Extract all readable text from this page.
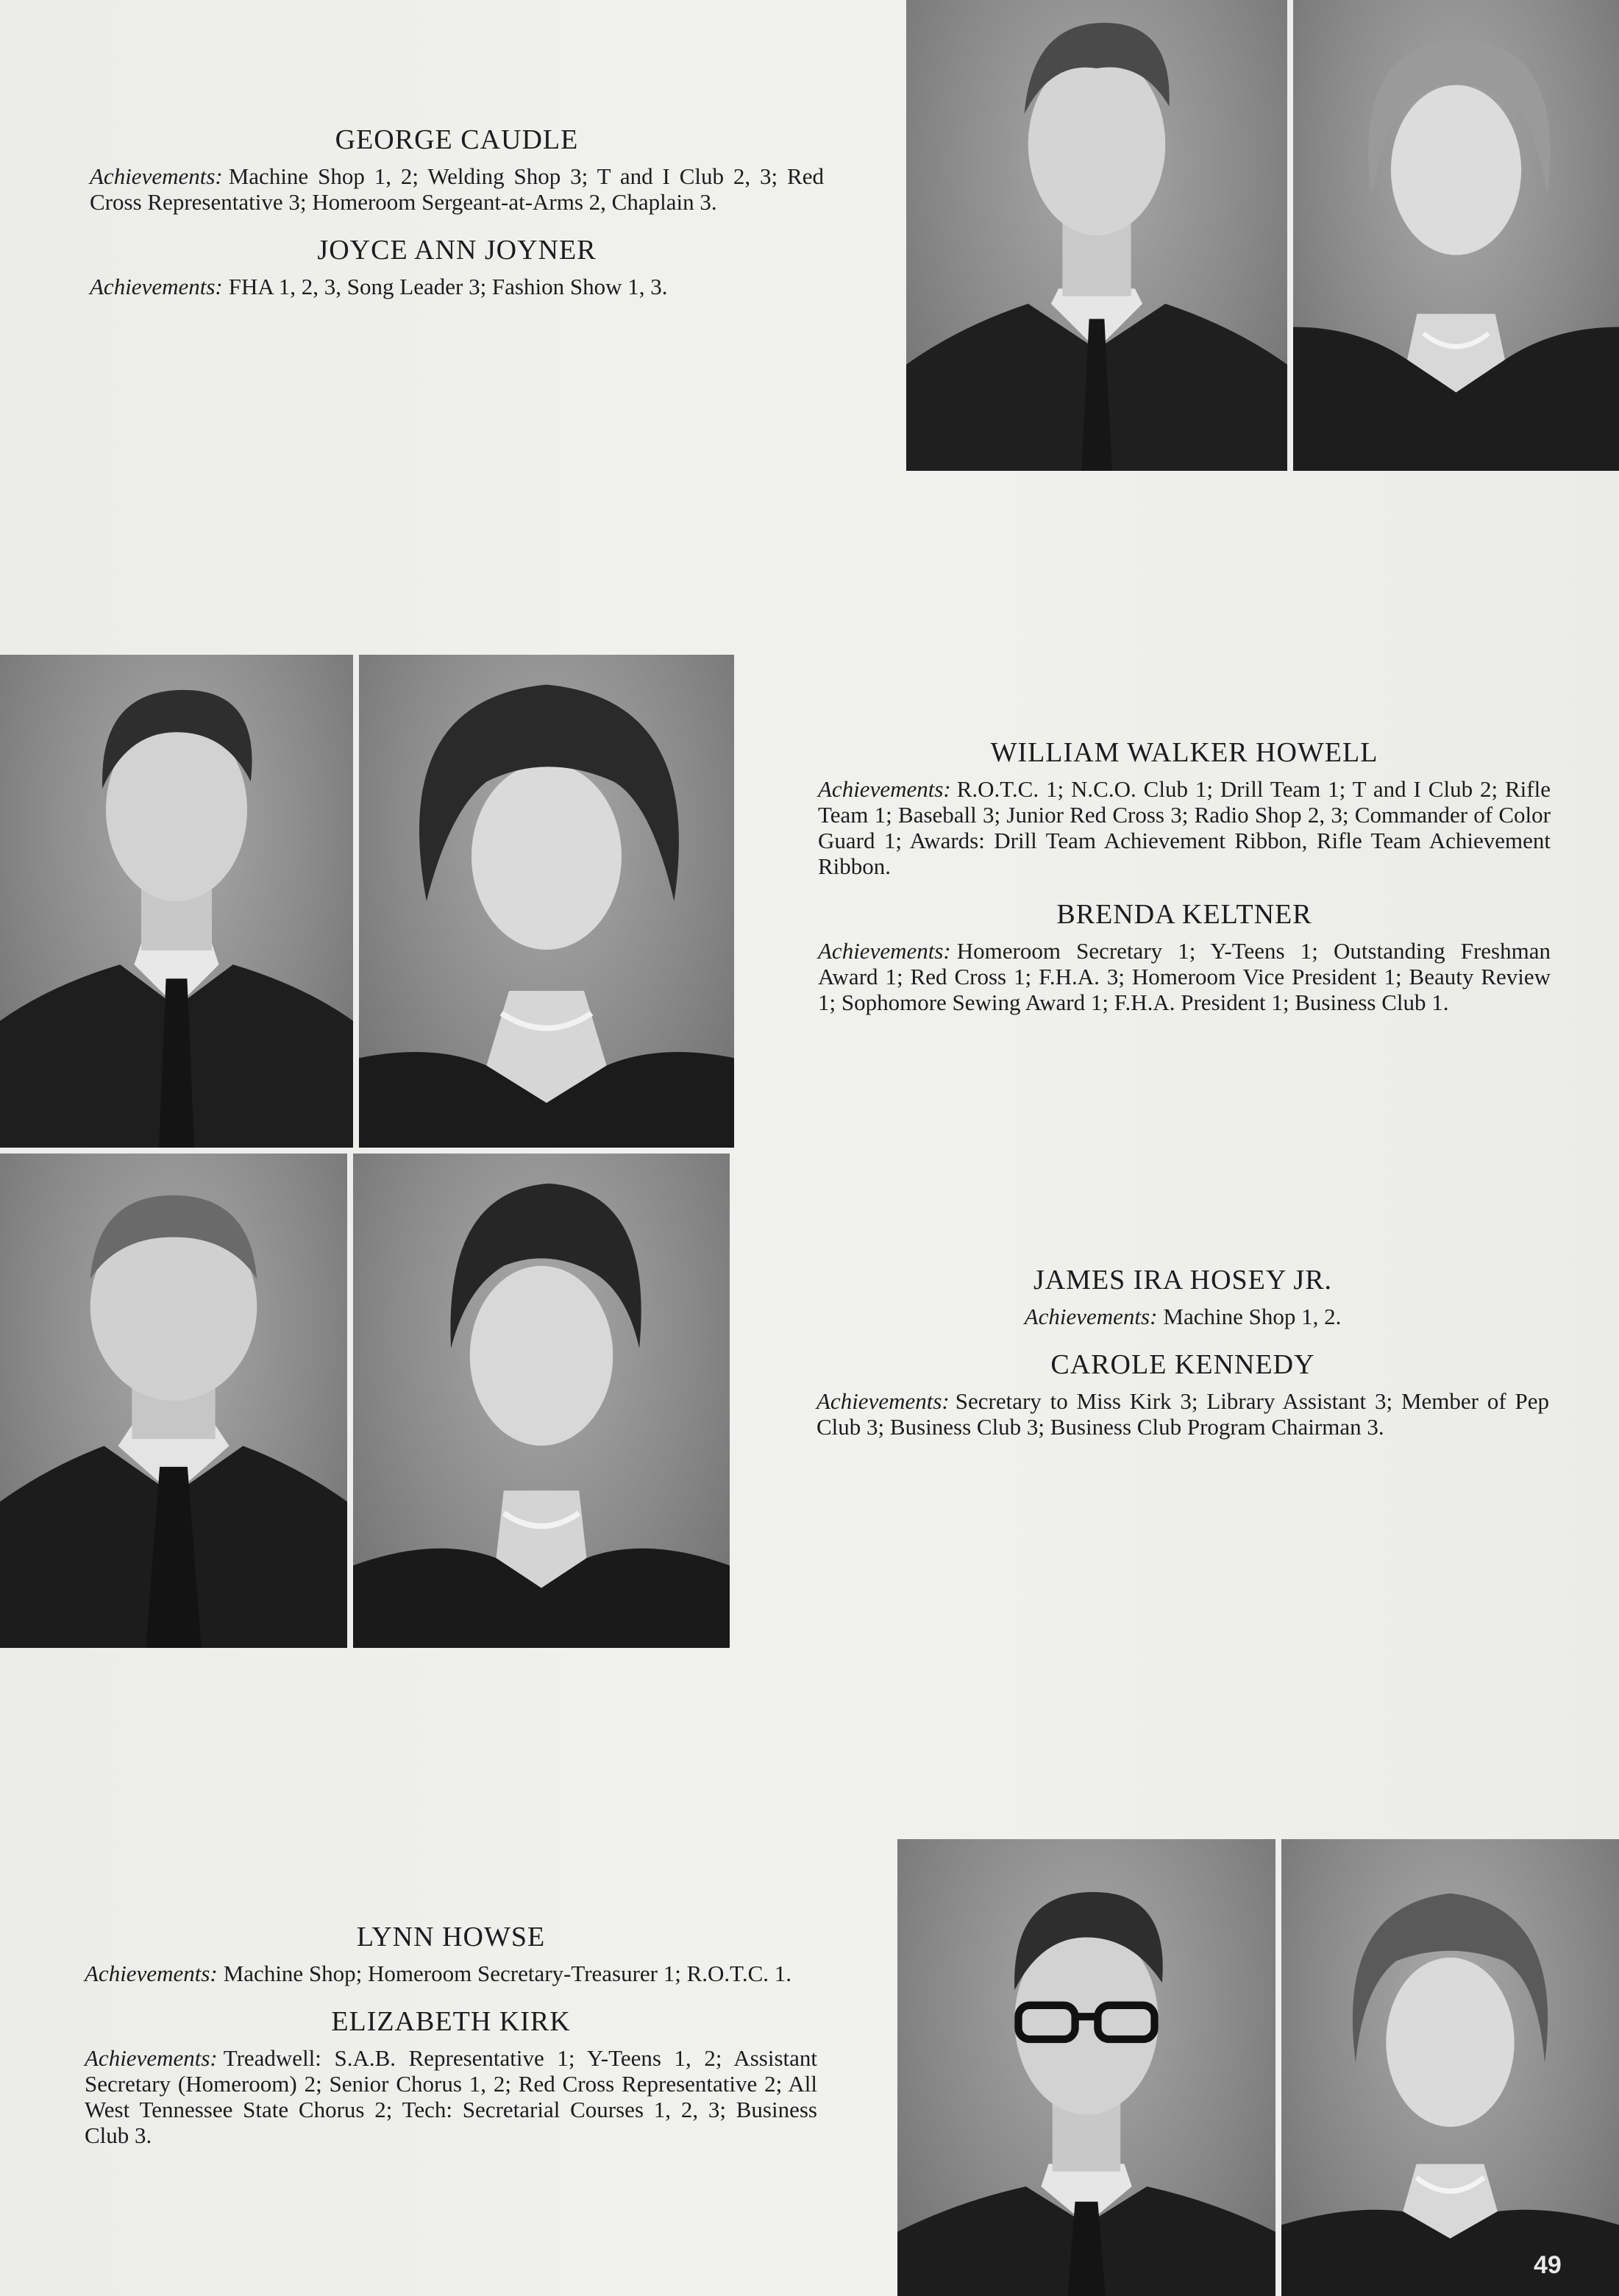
GEORGE CAUDLE
Achievements: Machine Shop 1, 2; Welding Shop 3; T and I Club 2, 3; Red Cross Representative 3; Homeroom Sergeant-at-Arms 2, Chaplain 3.
JOYCE ANN JOYNER
Achievements: FHA 1, 2, 3, Song Leader 3; Fashion Show 1, 3.
WILLIAM WALKER HOWELL
Achievements: R.O.T.C. 1; N.C.O. Club 1; Drill Team 1; T and I Club 2; Rifle Team 1; Baseball 3; Junior Red Cross 3; Radio Shop 2, 3; Commander of Color Guard 1; Awards: Drill Team Achievement Ribbon, Rifle Team Achievement Ribbon.
BRENDA KELTNER
Achievements: Homeroom Secretary 1; Y-Teens 1; Outstanding Freshman Award 1; Red Cross 1; F.H.A. 3; Homeroom Vice President 1; Beauty Review 1; Sophomore Sewing Award 1; F.H.A. President 1; Business Club 1.
JAMES IRA HOSEY JR.
Achievements: Machine Shop 1, 2.
CAROLE KENNEDY
Achievements: Secretary to Miss Kirk 3; Library Assistant 3; Member of Pep Club 3; Business Club 3; Business Club Program Chairman 3.
LYNN HOWSE
Achievements: Machine Shop; Homeroom Secretary-Treasurer 1; R.O.T.C. 1.
ELIZABETH KIRK
Achievements: Treadwell: S.A.B. Representative 1; Y-Teens 1, 2; Assistant Secretary (Homeroom) 2; Senior Chorus 1, 2; Red Cross Representative 2; All West Tennessee State Chorus 2; Tech: Secretarial Courses 1, 2, 3; Business Club 3.
49
